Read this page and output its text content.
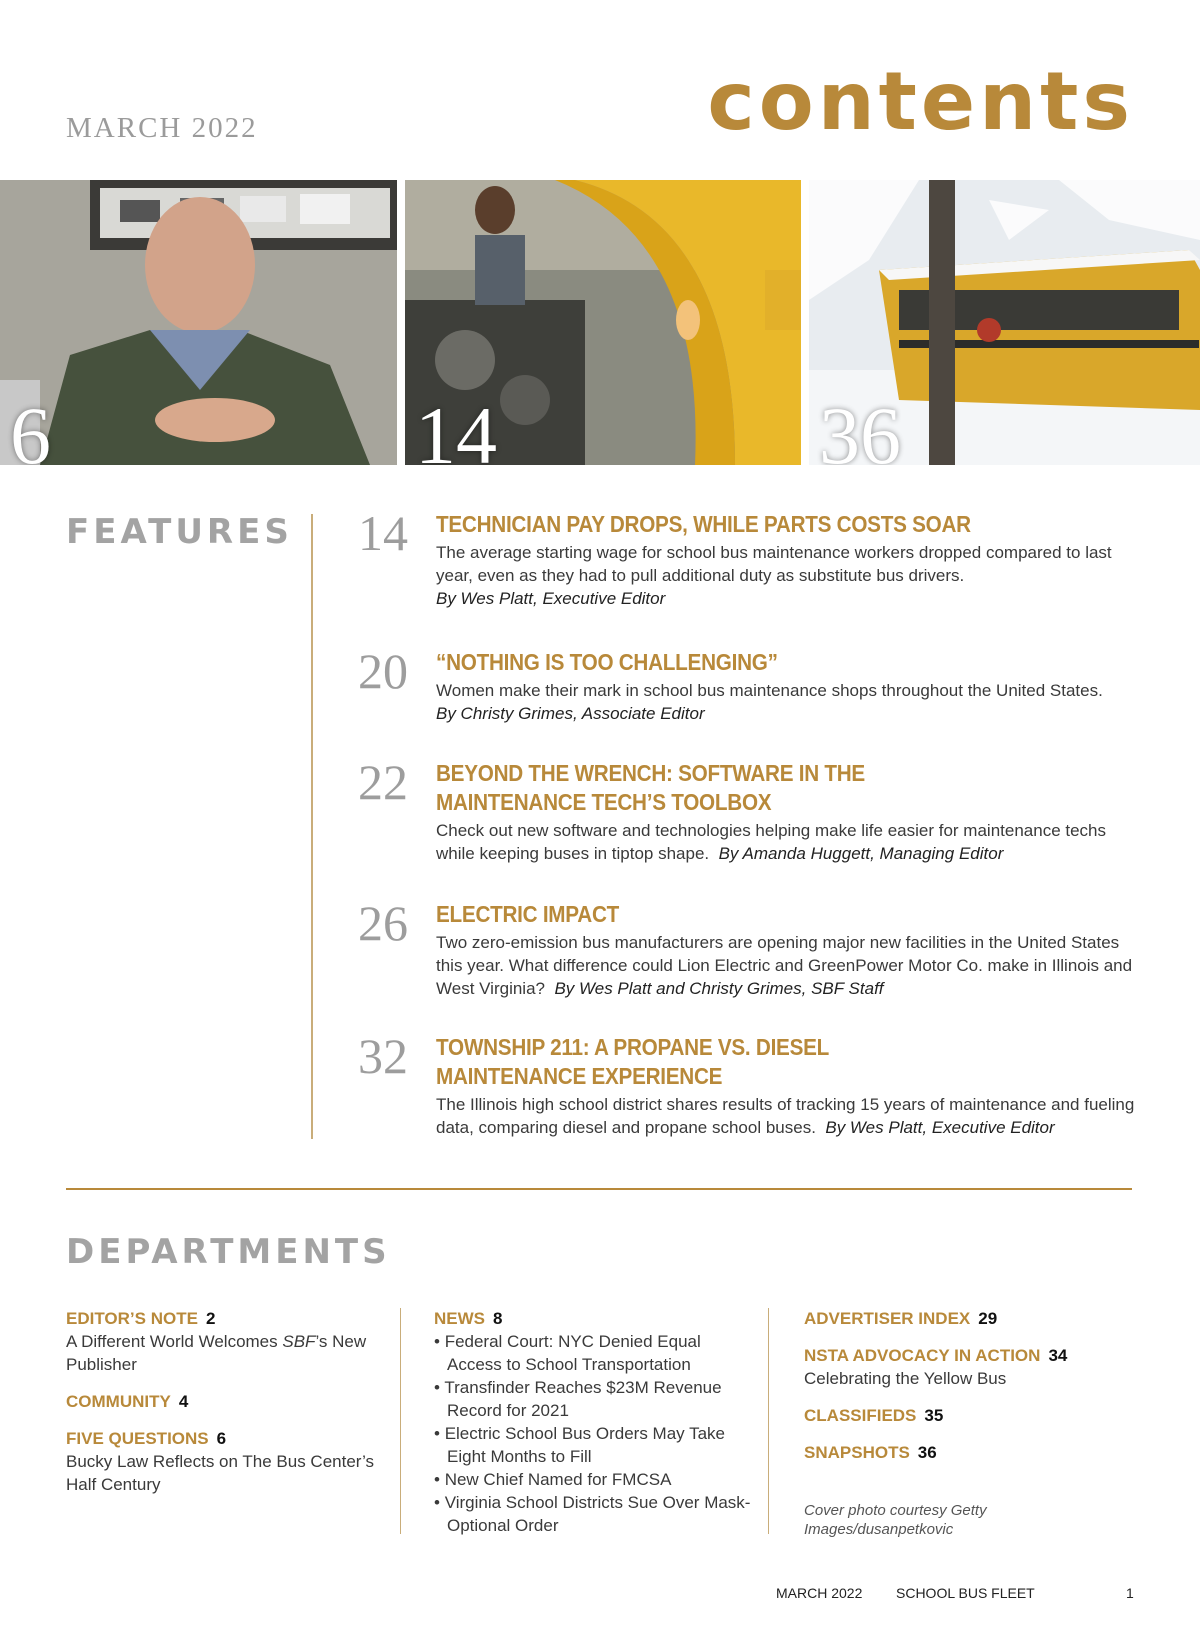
MARCH 2022	contents
6	14	36
FEATURES	14 TECHNICIAN PAY DROPS, WHILE PARTS COSTS SOAR
The average starting wage for school bus maintenance workers dropped compared to last year, even as they had to pull additional duty as substitute bus drivers.
By Wes Platt, Executive Editor
20 “NOTHING IS TOO CHALLENGING”
Women make their mark in school bus maintenance shops throughout the United States.
By Christy Grimes, Associate Editor
22 BEYOND THE WRENCH: SOFTWARE IN THE MAINTENANCE TECH’S TOOLBOX
Check out new software and technologies helping make life easier for maintenance techs while keeping buses in tiptop shape. By Amanda Huggett, Managing Editor
26 ELECTRIC IMPACT
Two zero-emission bus manufacturers are opening major new facilities in the United States this year. What difference could Lion Electric and GreenPower Motor Co. make in Illinois and West Virginia? By Wes Platt and Christy Grimes, SBF Staff
32 TOWNSHIP 211: A PROPANE VS. DIESEL MAINTENANCE EXPERIENCE
The Illinois high school district shares results of tracking 15 years of maintenance and fueling data, comparing diesel and propane school buses. By Wes Platt, Executive Editor
DEPARTMENTS
EDITOR’S NOTE 2
A Different World Welcomes SBF’s New Publisher
COMMUNITY 4
FIVE QUESTIONS 6
Bucky Law Reflects on The Bus Center’s Half Century
NEWS 8
• Federal Court: NYC Denied Equal Access to School Transportation
• Transfinder Reaches $23M Revenue Record for 2021
• Electric School Bus Orders May Take Eight Months to Fill
• New Chief Named for FMCSA
• Virginia School Districts Sue Over Mask-Optional Order
ADVERTISER INDEX 29
NSTA ADVOCACY IN ACTION 34
Celebrating the Yellow Bus
CLASSIFIEDS 35
SNAPSHOTS 36
Cover photo courtesy Getty Images/dusanpetkovic
MARCH 2022 SCHOOL BUS FLEET	1
